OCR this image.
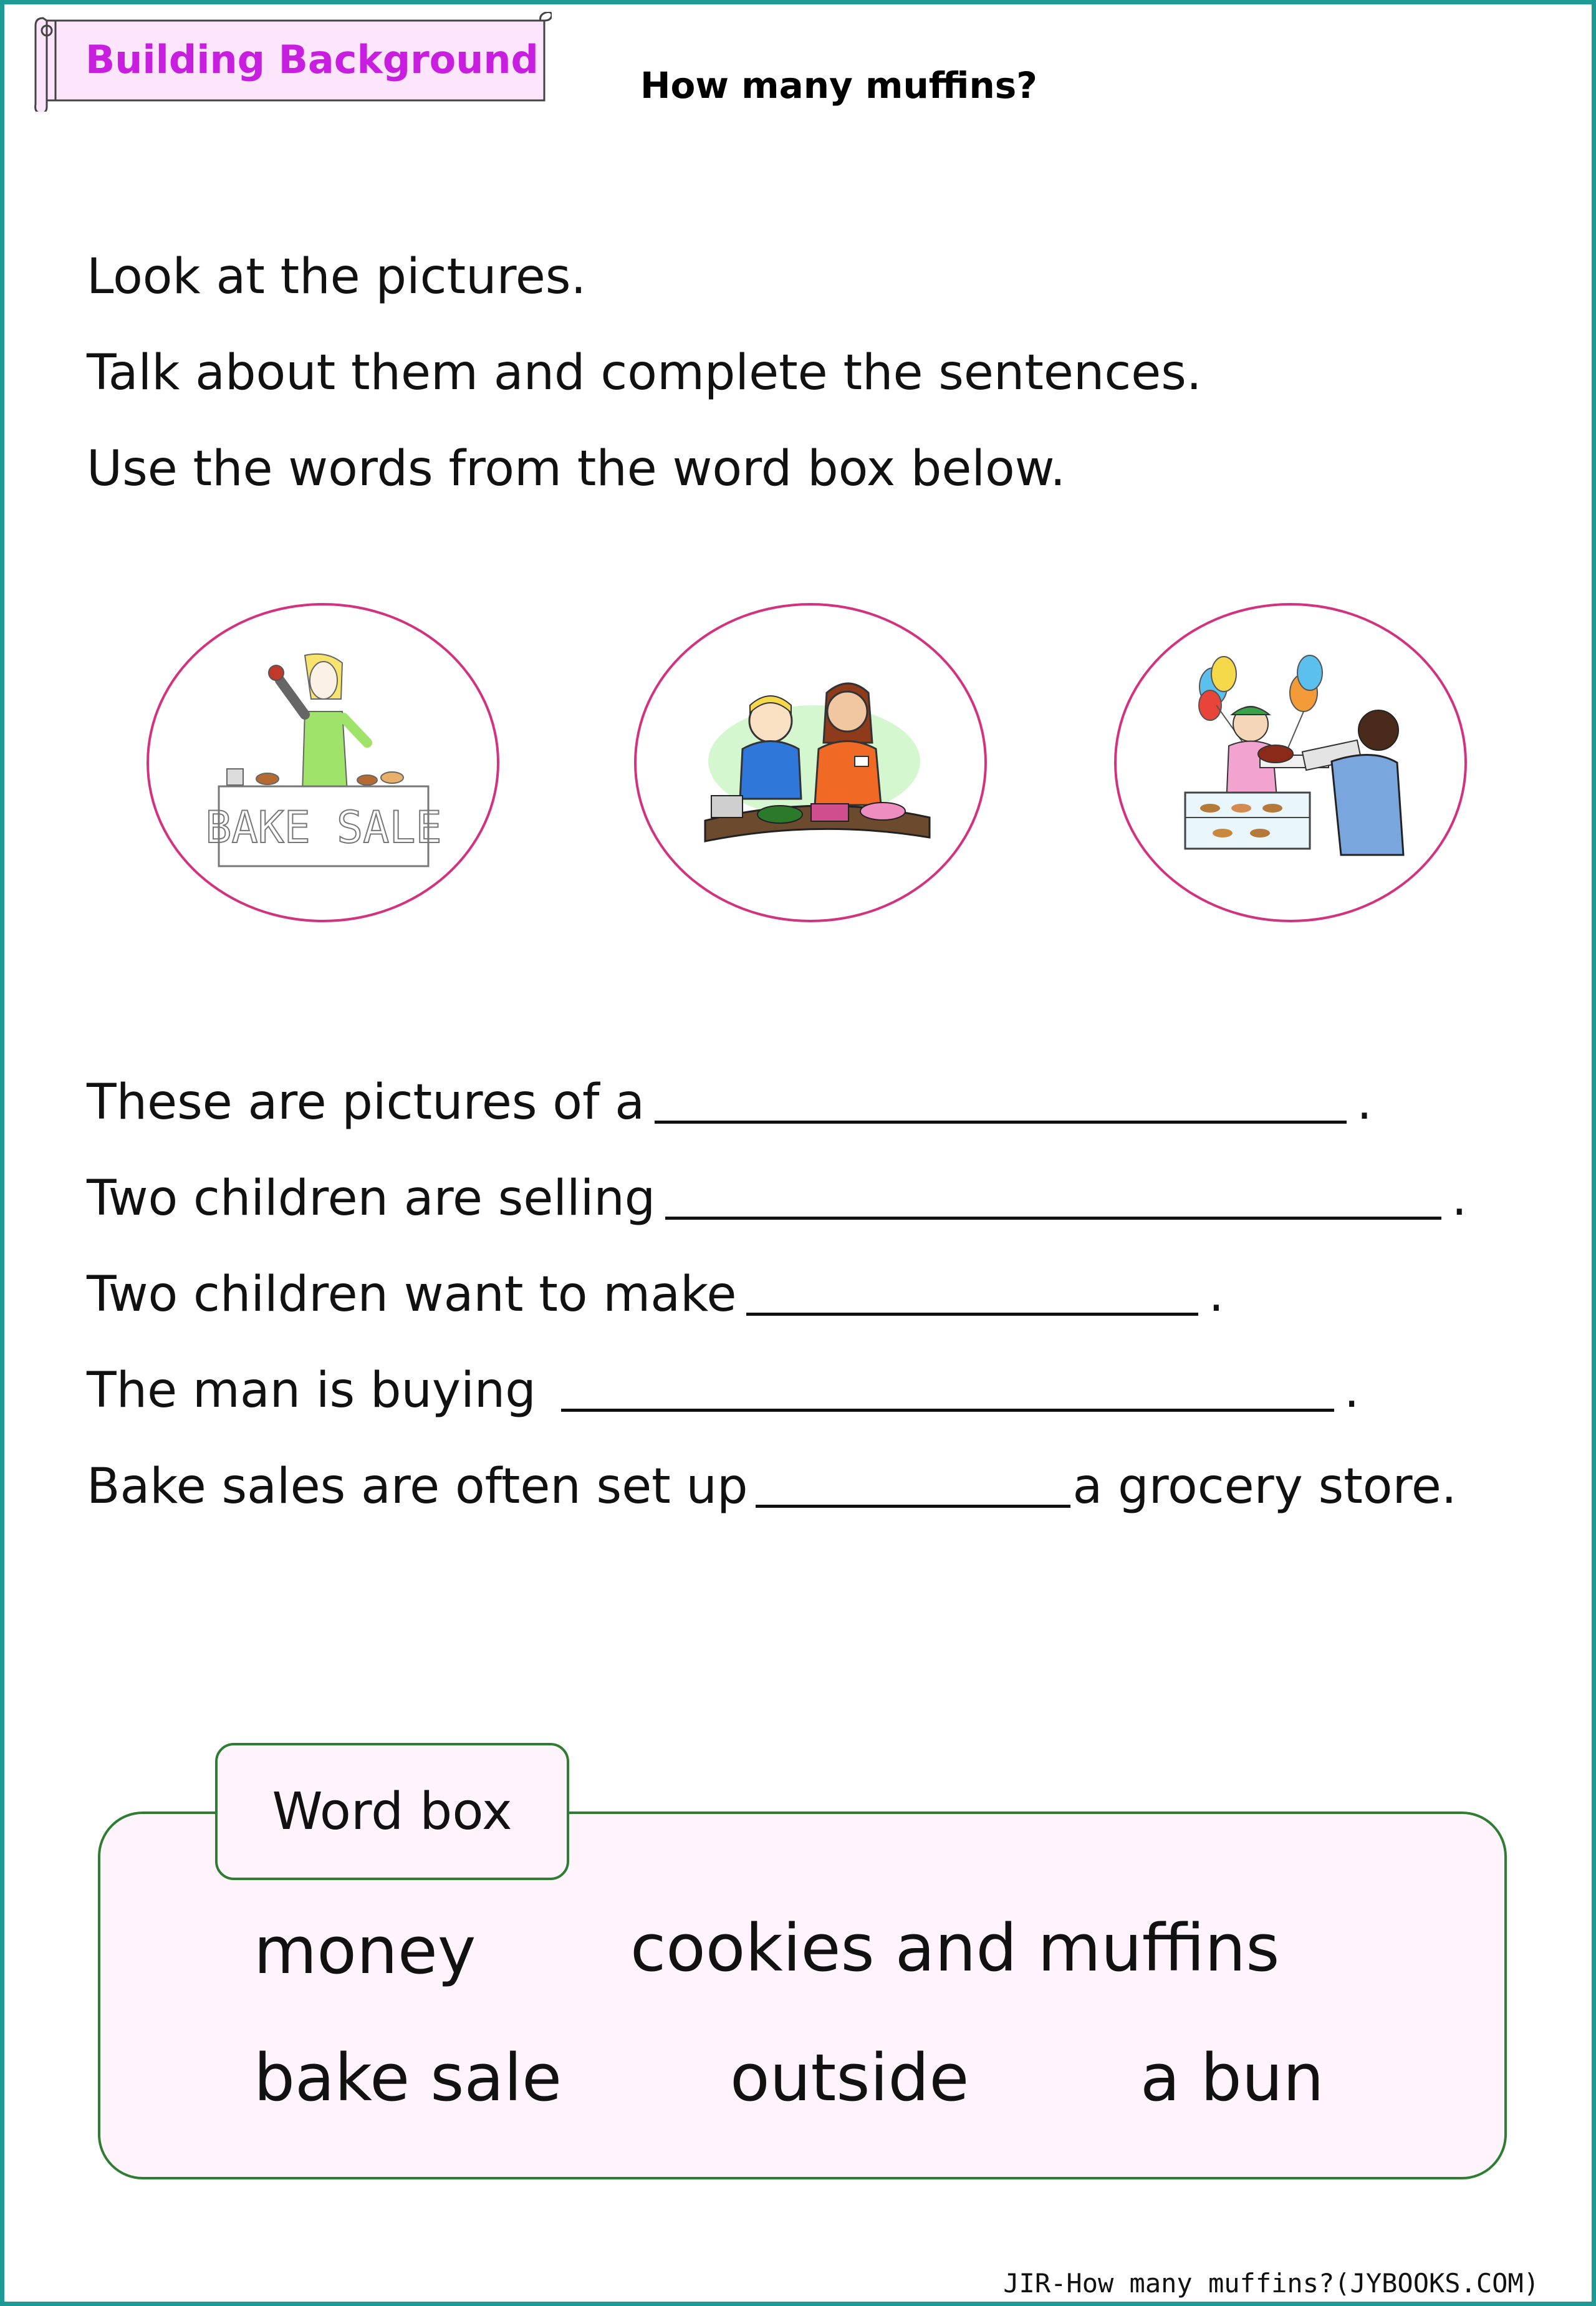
Building Background
How many muffins?
Look at the pictures.
Talk about them and complete the sentences.
Use the words from the word box below.
BAKE SALE
These are pictures of a	.
Two children are selling	.
Two children want to make	.
The man is buying	.
Bake sales are often set up	a grocery store.
Word box
money cookies and muffins
bake sale	outside	a bun
JIR-How many muffins?(JYBOOKS.COM)
